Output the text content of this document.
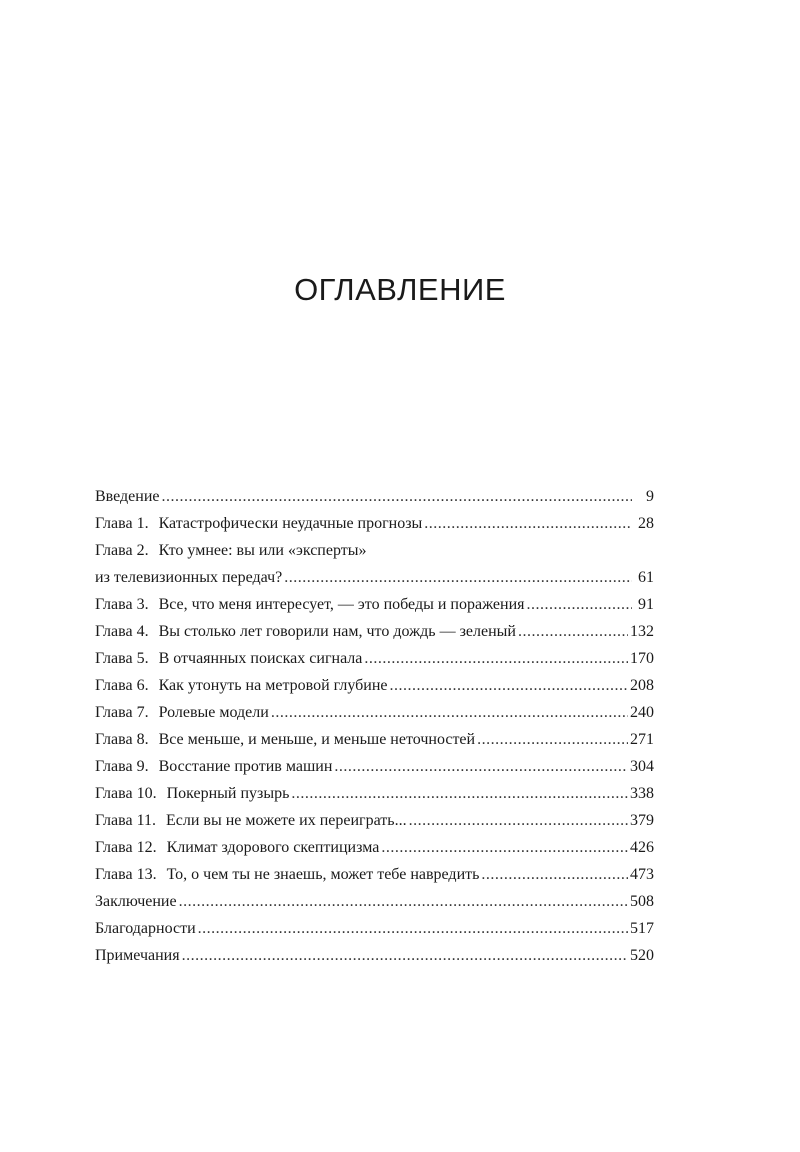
ОГЛАВЛЕНИЕ
Введение .....	9
Глава 1. Катастрофически неудачные прогнозы .....	28
Глава 2. Кто умнее: вы или «эксперты»
из телевизионных передач? .....	61
Глава 3. Все, что меня интересует, — это победы и поражения .....	91
Глава 4. Вы столько лет говорили нам, что дождь — зеленый .....	132
Глава 5. В отчаянных поисках сигнала .....	170
Глава 6. Как утонуть на метровой глубине .....	208
Глава 7. Ролевые модели .....	240
Глава 8. Все меньше, и меньше, и меньше неточностей .....	271
Глава 9. Восстание против машин .....	304
Глава 10. Покерный пузырь .....	338
Глава 11. Если вы не можете их переиграть... .....	379
Глава 12. Климат здорового скептицизма .....	426
Глава 13. То, о чем ты не знаешь, может тебе навредить .....	473
Заключение .....	508
Благодарности .....	517
Примечания .....	520
